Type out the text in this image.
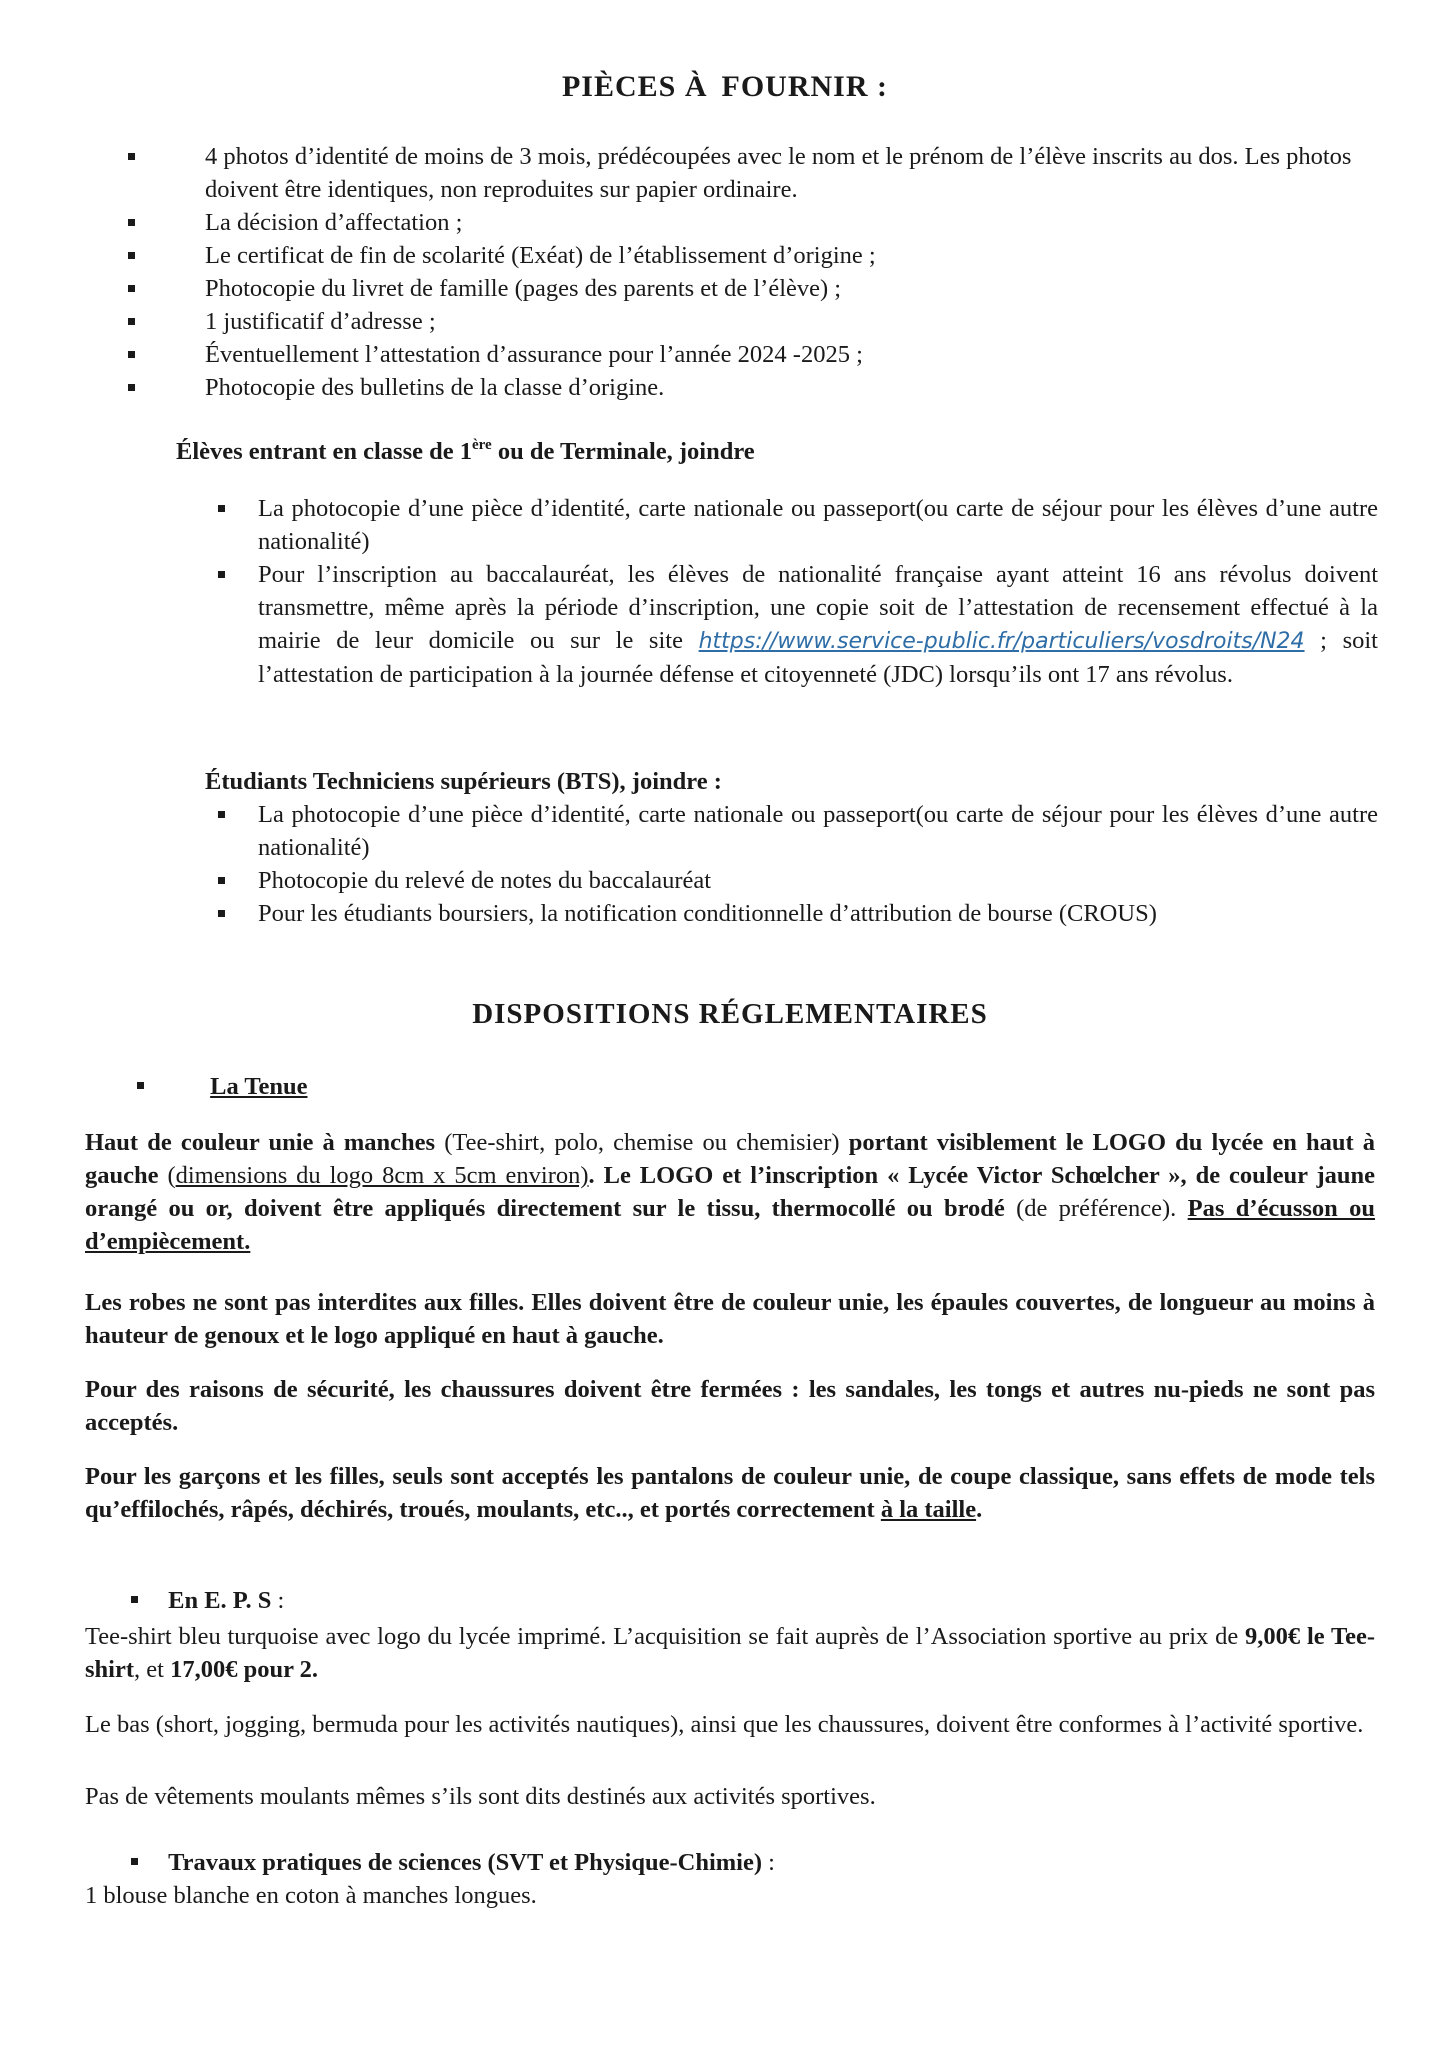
PIÈCES À FOURNIR :
4 photos d’identité de moins de 3 mois, prédécoupées avec le nom et le prénom de l’élève inscrits au dos. Les photos doivent être identiques, non reproduites sur papier ordinaire.
La décision d’affectation ;
Le certificat de fin de scolarité (Exéat) de l’établissement d’origine ;
Photocopie du livret de famille (pages des parents et de l’élève) ;
1 justificatif d’adresse ;
Éventuellement l’attestation d’assurance pour l’année 2024 -2025 ;
Photocopie des bulletins de la classe d’origine.
Élèves entrant en classe de 1ère ou de Terminale, joindre
La photocopie d’une pièce d’identité, carte nationale ou passeport(ou carte de séjour pour les élèves d’une autre nationalité)
Pour l’inscription au baccalauréat, les élèves de nationalité française ayant atteint 16 ans révolus doivent transmettre, même après la période d’inscription, une copie soit de l’attestation de recensement effectué à la mairie de leur domicile ou sur le site https://www.service-public.fr/particuliers/vosdroits/N24 ; soit l’attestation de participation à la journée défense et citoyenneté (JDC) lorsqu’ils ont 17 ans révolus.
Étudiants Techniciens supérieurs (BTS), joindre :
La photocopie d’une pièce d’identité, carte nationale ou passeport(ou carte de séjour pour les élèves d’une autre nationalité)
Photocopie du relevé de notes du baccalauréat
Pour les étudiants boursiers, la notification conditionnelle d’attribution de bourse (CROUS)
DISPOSITIONS RÉGLEMENTAIRES
La Tenue
Haut de couleur unie à manches (Tee-shirt, polo, chemise ou chemisier) portant visiblement le LOGO du lycée en haut à gauche (dimensions du logo 8cm x 5cm environ). Le LOGO et l’inscription « Lycée Victor Schœlcher », de couleur jaune orangé ou or, doivent être appliqués directement sur le tissu, thermocollé ou brodé (de préférence). Pas d’écusson ou d’empiècement.
Les robes ne sont pas interdites aux filles. Elles doivent être de couleur unie, les épaules couvertes, de longueur au moins à hauteur de genoux et le logo appliqué en haut à gauche.
Pour des raisons de sécurité, les chaussures doivent être fermées : les sandales, les tongs et autres nu-pieds ne sont pas acceptés.
Pour les garçons et les filles, seuls sont acceptés les pantalons de couleur unie, de coupe classique, sans effets de mode tels qu’effilochés, râpés, déchirés, troués, moulants, etc.., et portés correctement à la taille.
En E. P. S :
Tee-shirt bleu turquoise avec logo du lycée imprimé. L’acquisition se fait auprès de l’Association sportive au prix de 9,00€ le Tee-shirt, et 17,00€ pour 2.
Le bas (short, jogging, bermuda pour les activités nautiques), ainsi que les chaussures, doivent être conformes à l’activité sportive.
Pas de vêtements moulants mêmes s’ils sont dits destinés aux activités sportives.
Travaux pratiques de sciences (SVT et Physique-Chimie) :
1 blouse blanche en coton à manches longues.
